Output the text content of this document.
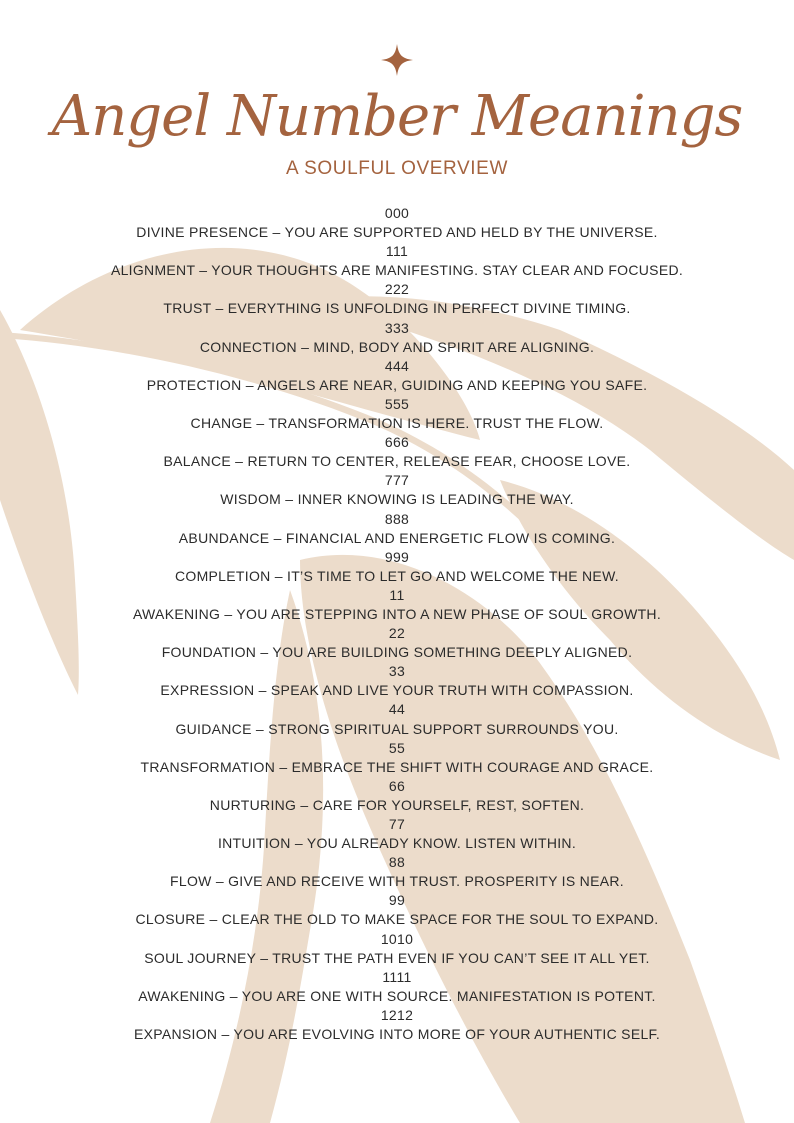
Angel Number Meanings
A SOULFUL OVERVIEW
000
DIVINE PRESENCE – YOU ARE SUPPORTED AND HELD BY THE UNIVERSE.
111
ALIGNMENT – YOUR THOUGHTS ARE MANIFESTING. STAY CLEAR AND FOCUSED.
222
TRUST – EVERYTHING IS UNFOLDING IN PERFECT DIVINE TIMING.
333
CONNECTION – MIND, BODY AND SPIRIT ARE ALIGNING.
444
PROTECTION – ANGELS ARE NEAR, GUIDING AND KEEPING YOU SAFE.
555
CHANGE – TRANSFORMATION IS HERE. TRUST THE FLOW.
666
BALANCE – RETURN TO CENTER, RELEASE FEAR, CHOOSE LOVE.
777
WISDOM – INNER KNOWING IS LEADING THE WAY.
888
ABUNDANCE – FINANCIAL AND ENERGETIC FLOW IS COMING.
999
COMPLETION – IT’S TIME TO LET GO AND WELCOME THE NEW.
11
AWAKENING – YOU ARE STEPPING INTO A NEW PHASE OF SOUL GROWTH.
22
FOUNDATION – YOU ARE BUILDING SOMETHING DEEPLY ALIGNED.
33
EXPRESSION – SPEAK AND LIVE YOUR TRUTH WITH COMPASSION.
44
GUIDANCE – STRONG SPIRITUAL SUPPORT SURROUNDS YOU.
55
TRANSFORMATION – EMBRACE THE SHIFT WITH COURAGE AND GRACE.
66
NURTURING – CARE FOR YOURSELF, REST, SOFTEN.
77
INTUITION – YOU ALREADY KNOW. LISTEN WITHIN.
88
FLOW – GIVE AND RECEIVE WITH TRUST. PROSPERITY IS NEAR.
99
CLOSURE – CLEAR THE OLD TO MAKE SPACE FOR THE SOUL TO EXPAND.
1010
SOUL JOURNEY – TRUST THE PATH EVEN IF YOU CAN’T SEE IT ALL YET.
1111
AWAKENING – YOU ARE ONE WITH SOURCE. MANIFESTATION IS POTENT.
1212
EXPANSION – YOU ARE EVOLVING INTO MORE OF YOUR AUTHENTIC SELF.
